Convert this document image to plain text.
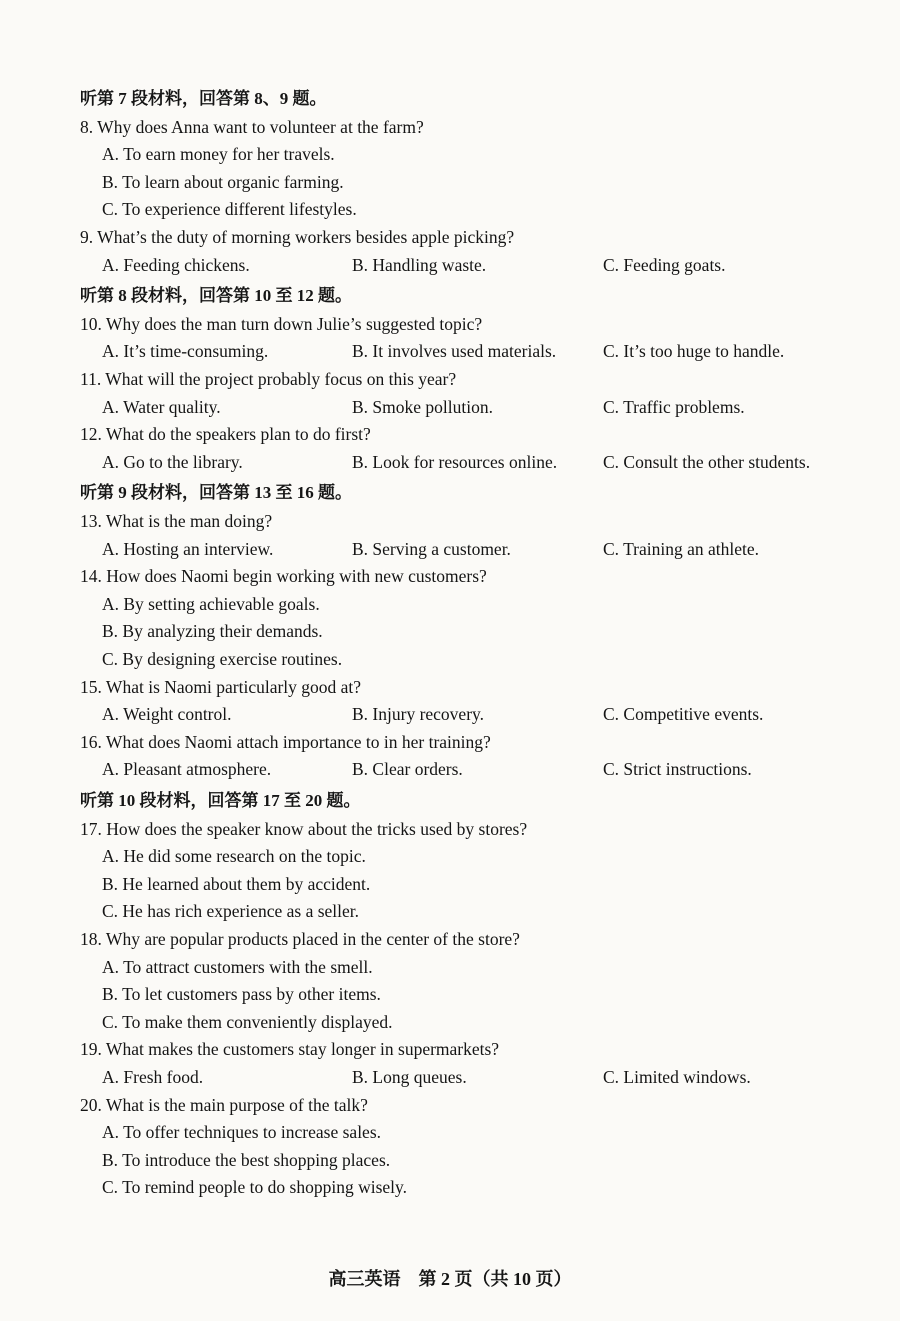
听第 7 段材料，回答第 8、9 题。
8. Why does Anna want to volunteer at the farm?
A. To earn money for her travels.
B. To learn about organic farming.
C. To experience different lifestyles.
9. What’s the duty of morning workers besides apple picking?
A. Feeding chickens.	B. Handling waste.	C. Feeding goats.
听第 8 段材料，回答第 10 至 12 题。
10. Why does the man turn down Julie’s suggested topic?
A. It’s time-consuming.	B. It involves used materials.	C. It’s too huge to handle.
11. What will the project probably focus on this year?
A. Water quality.	B. Smoke pollution.	C. Traffic problems.
12. What do the speakers plan to do first?
A. Go to the library.	B. Look for resources online.	C. Consult the other students.
听第 9 段材料，回答第 13 至 16 题。
13. What is the man doing?
A. Hosting an interview.	B. Serving a customer.	C. Training an athlete.
14. How does Naomi begin working with new customers?
A. By setting achievable goals.
B. By analyzing their demands.
C. By designing exercise routines.
15. What is Naomi particularly good at?
A. Weight control.	B. Injury recovery.	C. Competitive events.
16. What does Naomi attach importance to in her training?
A. Pleasant atmosphere.	B. Clear orders.	C. Strict instructions.
听第 10 段材料，回答第 17 至 20 题。
17. How does the speaker know about the tricks used by stores?
A. He did some research on the topic.
B. He learned about them by accident.
C. He has rich experience as a seller.
18. Why are popular products placed in the center of the store?
A. To attract customers with the smell.
B. To let customers pass by other items.
C. To make them conveniently displayed.
19. What makes the customers stay longer in supermarkets?
A. Fresh food.	B. Long queues.	C. Limited windows.
20. What is the main purpose of the talk?
A. To offer techniques to increase sales.
B. To introduce the best shopping places.
C. To remind people to do shopping wisely.
高三英语　第 2 页（共 10 页）
